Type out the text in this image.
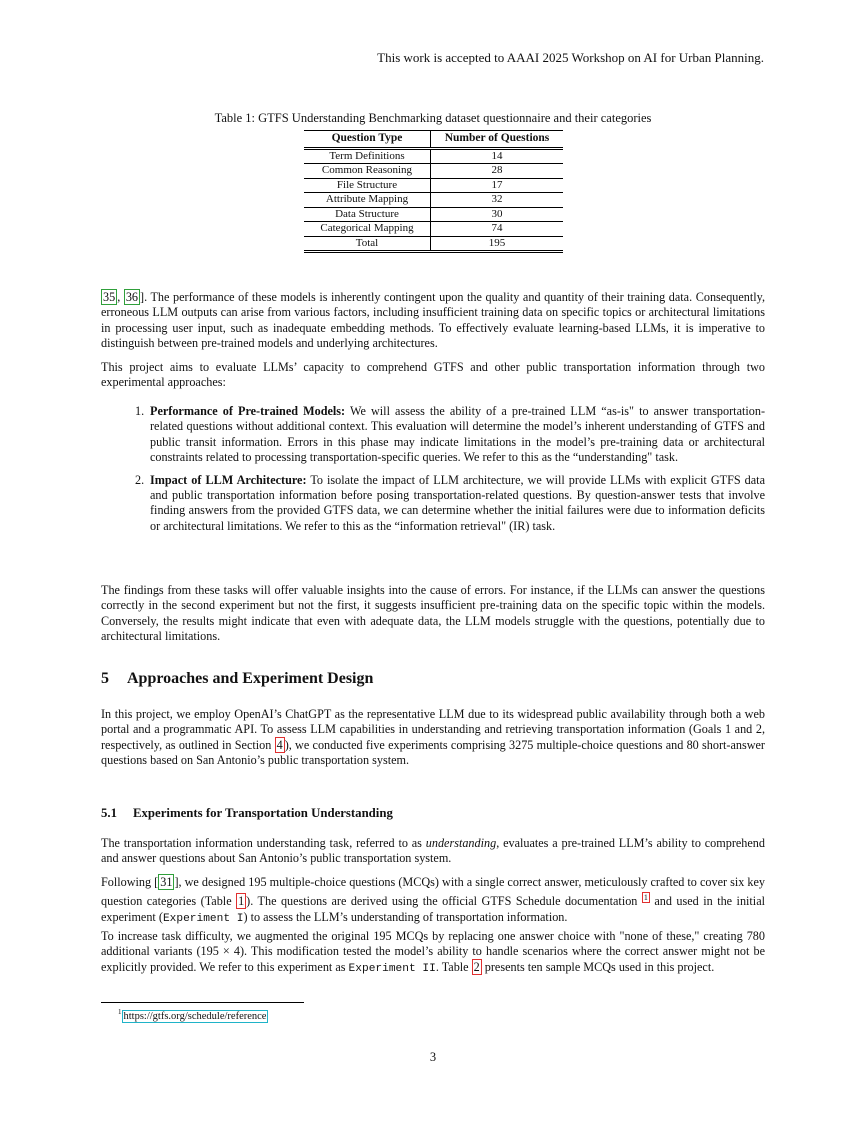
This work is accepted to AAAI 2025 Workshop on AI for Urban Planning.
Table 1: GTFS Understanding Benchmarking dataset questionnaire and their categories
Question Type	Number of Questions
Term Definitions	14
Common Reasoning	28
File Structure	17
Attribute Mapping	32
Data Structure	30
Categorical Mapping	74
Total	195

35 , 36 ]. The performance of these models is inherently contingent upon the quality and quantity of their training data. Consequently, erroneous LLM outputs can arise from various factors, including insufficient training data on specific topics or architectural limitations in processing user input, such as inadequate embedding methods. To effectively evaluate learning-based LLMs, it is imperative to distinguish between pre-trained models and underlying architectures.

This project aims to evaluate LLMs’ capacity to comprehend GTFS and other public transportation information through two experimental approaches:

1. Performance of Pre-trained Models: We will assess the ability of a pre-trained LLM “as-is" to answer transportation-related questions without additional context. This evaluation will determine the model’s inherent understanding of GTFS and public transit information. Errors in this phase may indicate limitations in the model’s pre-training data or architectural constraints related to processing transportation-specific queries. We refer to this as the “understanding" task.

2. Impact of LLM Architecture: To isolate the impact of LLM architecture, we will provide LLMs with explicit GTFS data and public transportation information before posing transportation-related questions. By question-answer tests that involve finding answers from the provided GTFS data, we can determine whether the initial failures were due to information deficits or architectural limitations. We refer to this as the “information retrieval" (IR) task.

The findings from these tasks will offer valuable insights into the cause of errors. For instance, if the LLMs can answer the questions correctly in the second experiment but not the first, it suggests insufficient pre-training data on the specific topic within the models. Conversely, the results might indicate that even with adequate data, the LLM models struggle with the questions, potentially due to architectural limitations.

5 Approaches and Experiment Design

In this project, we employ OpenAI’s ChatGPT as the representative LLM due to its widespread public availability through both a web portal and a programmatic API. To assess LLM capabilities in understanding and retrieving transportation information (Goals 1 and 2, respectively, as outlined in Section 4 ), we conducted five experiments comprising 3275 multiple-choice questions and 80 short-answer questions based on San Antonio’s public transportation system.

5.1 Experiments for Transportation Understanding

The transportation information understanding task, referred to as understanding, evaluates a pre-trained LLM’s ability to comprehend and answer questions about San Antonio’s public transportation system.

Following [ 31 ], we designed 195 multiple-choice questions (MCQs) with a single correct answer, meticulously crafted to cover six key question categories (Table 1 ). The questions are derived using the official GTFS Schedule documentation $^1$ and used in the initial experiment (Experiment I) to assess the LLM’s understanding of transportation information.

To increase task difficulty, we augmented the original 195 MCQs by replacing one answer choice with "none of these," creating 780 additional variants (195 × 4). This modification tested the model’s ability to handle scenarios where the correct answer might not be explicitly provided. We refer to this experiment as Experiment II. Table 2 presents ten sample MCQs used in this project.

$^1$ https://gtfs.org/schedule/reference
3
